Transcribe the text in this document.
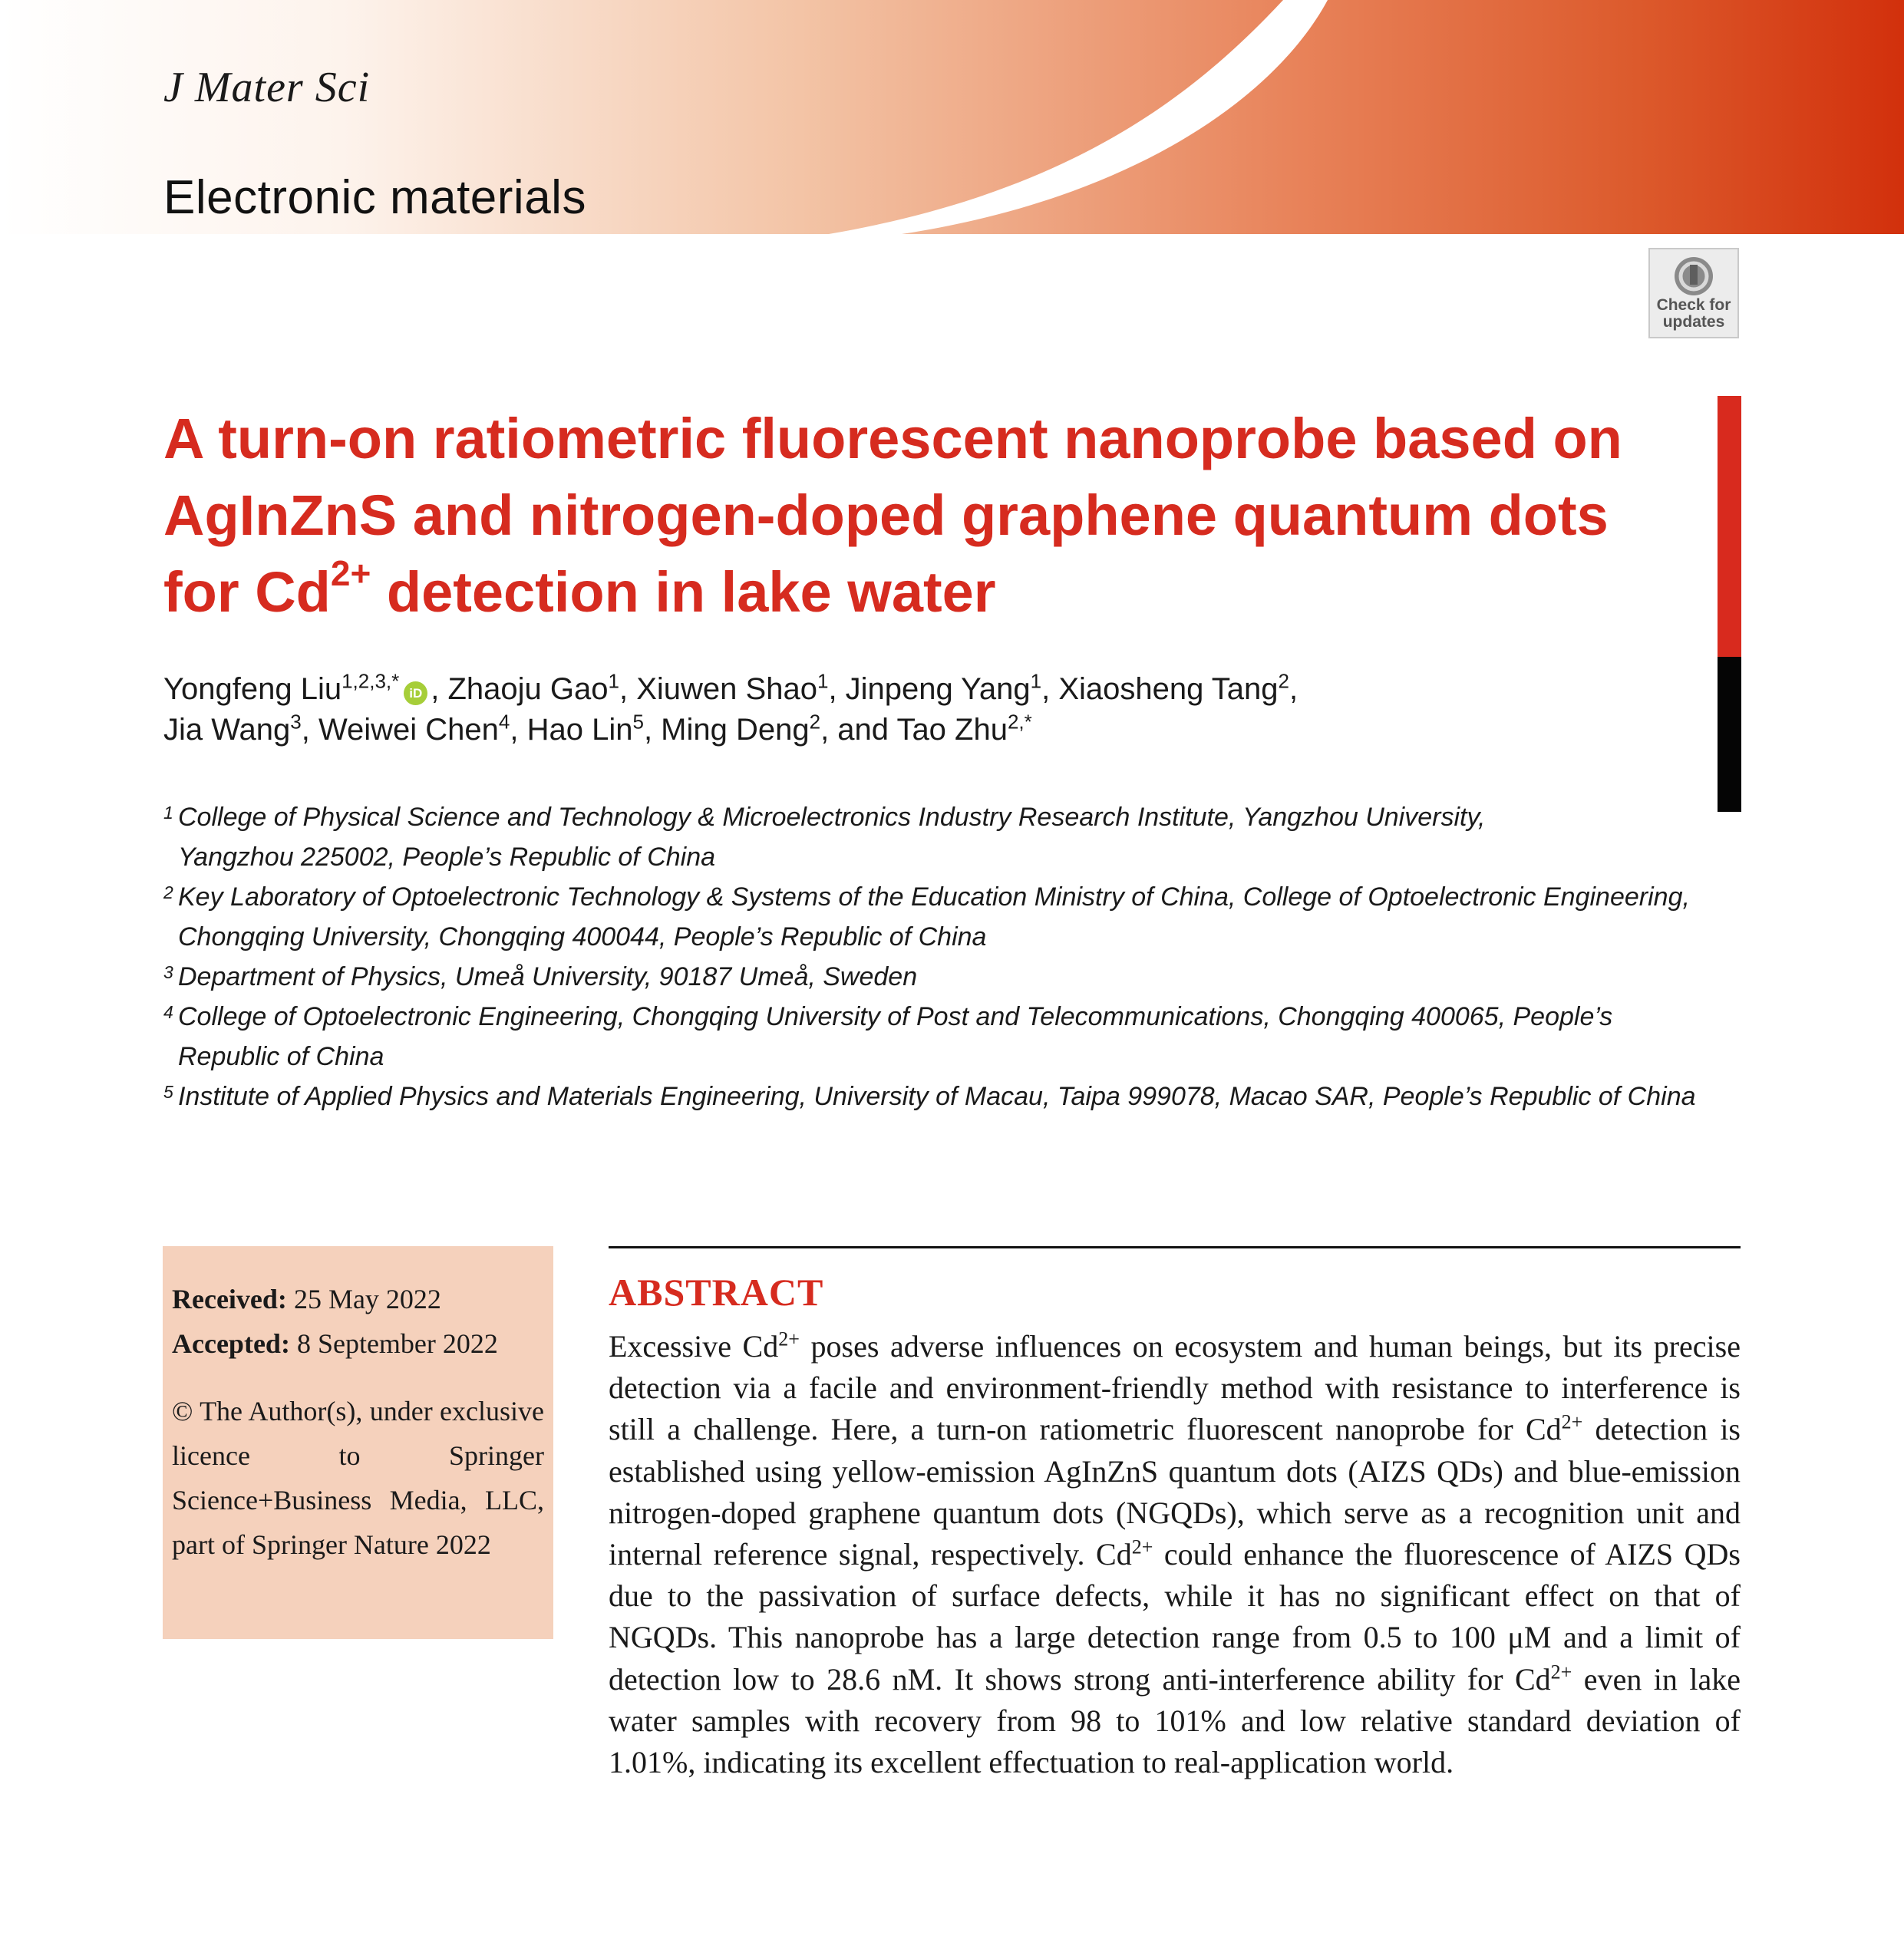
J Mater Sci
Electronic materials
Check for
updates
A turn-on ratiometric fluorescent nanoprobe based on AgInZnS and nitrogen-doped graphene quantum dots for $Cd^{2+}$ detection in lake water
Yongfeng Liu$^{1,2,3,*}$iD , Zhaoju Gao$^1$, Xiuwen Shao$^1$, Jinpeng Yang$^1$, Xiaosheng Tang$^2$,
Jia Wang$^3$, Weiwei Chen$^4$, Hao Lin$^5$, Ming Deng$^2$, and Tao Zhu$^{2,*}$
1 College of Physical Science and Technology & Microelectronics Industry Research Institute, Yangzhou University,
Yangzhou 225002, People’s Republic of China
2 Key Laboratory of Optoelectronic Technology & Systems of the Education Ministry of China, College of Optoelectronic Engineering,
Chongqing University, Chongqing 400044, People’s Republic of China
3 Department of Physics, Umeå University, 90187 Umeå, Sweden
4 College of Optoelectronic Engineering, Chongqing University of Post and Telecommunications, Chongqing 400065, People’s
Republic of China
5 Institute of Applied Physics and Materials Engineering, University of Macau, Taipa 999078, Macao SAR, People’s Republic of China
Received: 25 May 2022
Accepted: 8 September 2022
© The Author(s), under exclusive licence to Springer Science+Business Media, LLC, part of Springer Nature 2022
ABSTRACT
Excessive $Cd^{2+}$ poses adverse influences on ecosystem and human beings, but its precise detection via a facile and environment-friendly method with resistance to interference is still a challenge. Here, a turn-on ratiometric fluorescent nanoprobe for $Cd^{2+}$ detection is established using yellow-emission AgInZnS quantum dots (AIZS QDs) and blue-emission nitrogen-doped graphene quantum dots (NGQDs), which serve as a recognition unit and internal reference signal, respectively. $Cd^{2+}$ could enhance the fluorescence of AIZS QDs due to the passivation of surface defects, while it has no significant effect on that of NGQDs. This nanoprobe has a large detection range from 0.5 to 100 μM and a limit of detection low to 28.6 nM. It shows strong anti-interference ability for $Cd^{2+}$ even in lake water samples with recovery from 98 to 101% and low relative standard deviation of 1.01%, indicating its excellent effectuation to real-application world.
